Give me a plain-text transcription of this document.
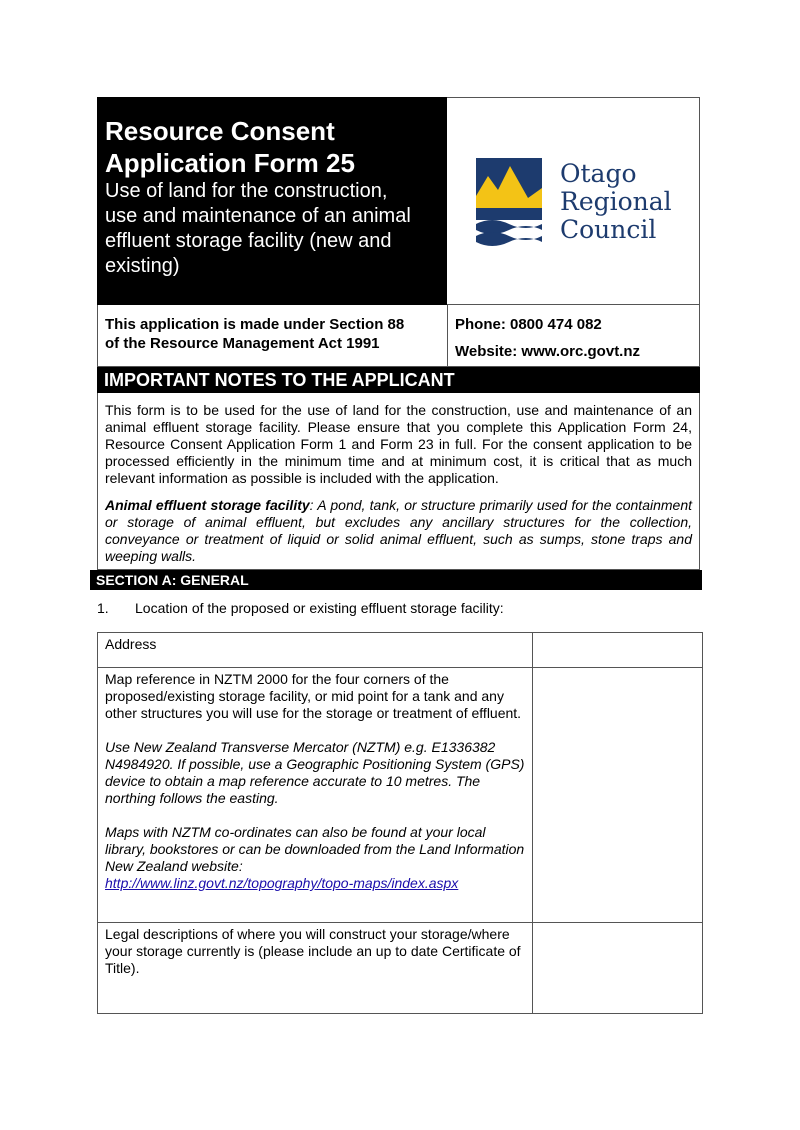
Resource Consent
Application Form 25
Use of land for the construction,
use and maintenance of an animal
effluent storage facility (new and
existing)
Otago
Regional
Council
This application is made under Section 88
of the Resource Management Act 1991
Phone: 0800 474 082
Website: www.orc.govt.nz
IMPORTANT NOTES TO THE APPLICANT

This form is to be used for the use of land for the construction, use and maintenance of an animal effluent storage facility. Please ensure that you complete this Application Form 24, Resource Consent Application Form 1 and Form 23 in full. For the consent application to be processed efficiently in the minimum time and at minimum cost, it is critical that as much relevant information as possible is included with the application.

Animal effluent storage facility: A pond, tank, or structure primarily used for the containment or storage of animal effluent, but excludes any ancillary structures for the collection, conveyance or treatment of liquid or solid animal effluent, such as sumps, stone traps and weeping walls.

SECTION A: GENERAL
1. Location of the proposed or existing effluent storage facility:
Address	

Map reference in NZTM 2000 for the four corners of the proposed/existing storage facility, or mid point for a tank and any other structures you will use for the storage or treatment of effluent.

Use New Zealand Transverse Mercator (NZTM) e.g. E1336382 N4984920. If possible, use a Geographic Positioning System (GPS) device to obtain a map reference accurate to 10 metres. The northing follows the easting.

Maps with NZTM co-ordinates can also be found at your local library, bookstores or can be downloaded from the Land Information New Zealand website:

http://www.linz.govt.nz/topography/topo-maps/index.aspx	
Legal descriptions of where you will construct your storage/where your storage currently is (please include an up to date Certificate of Title).	
